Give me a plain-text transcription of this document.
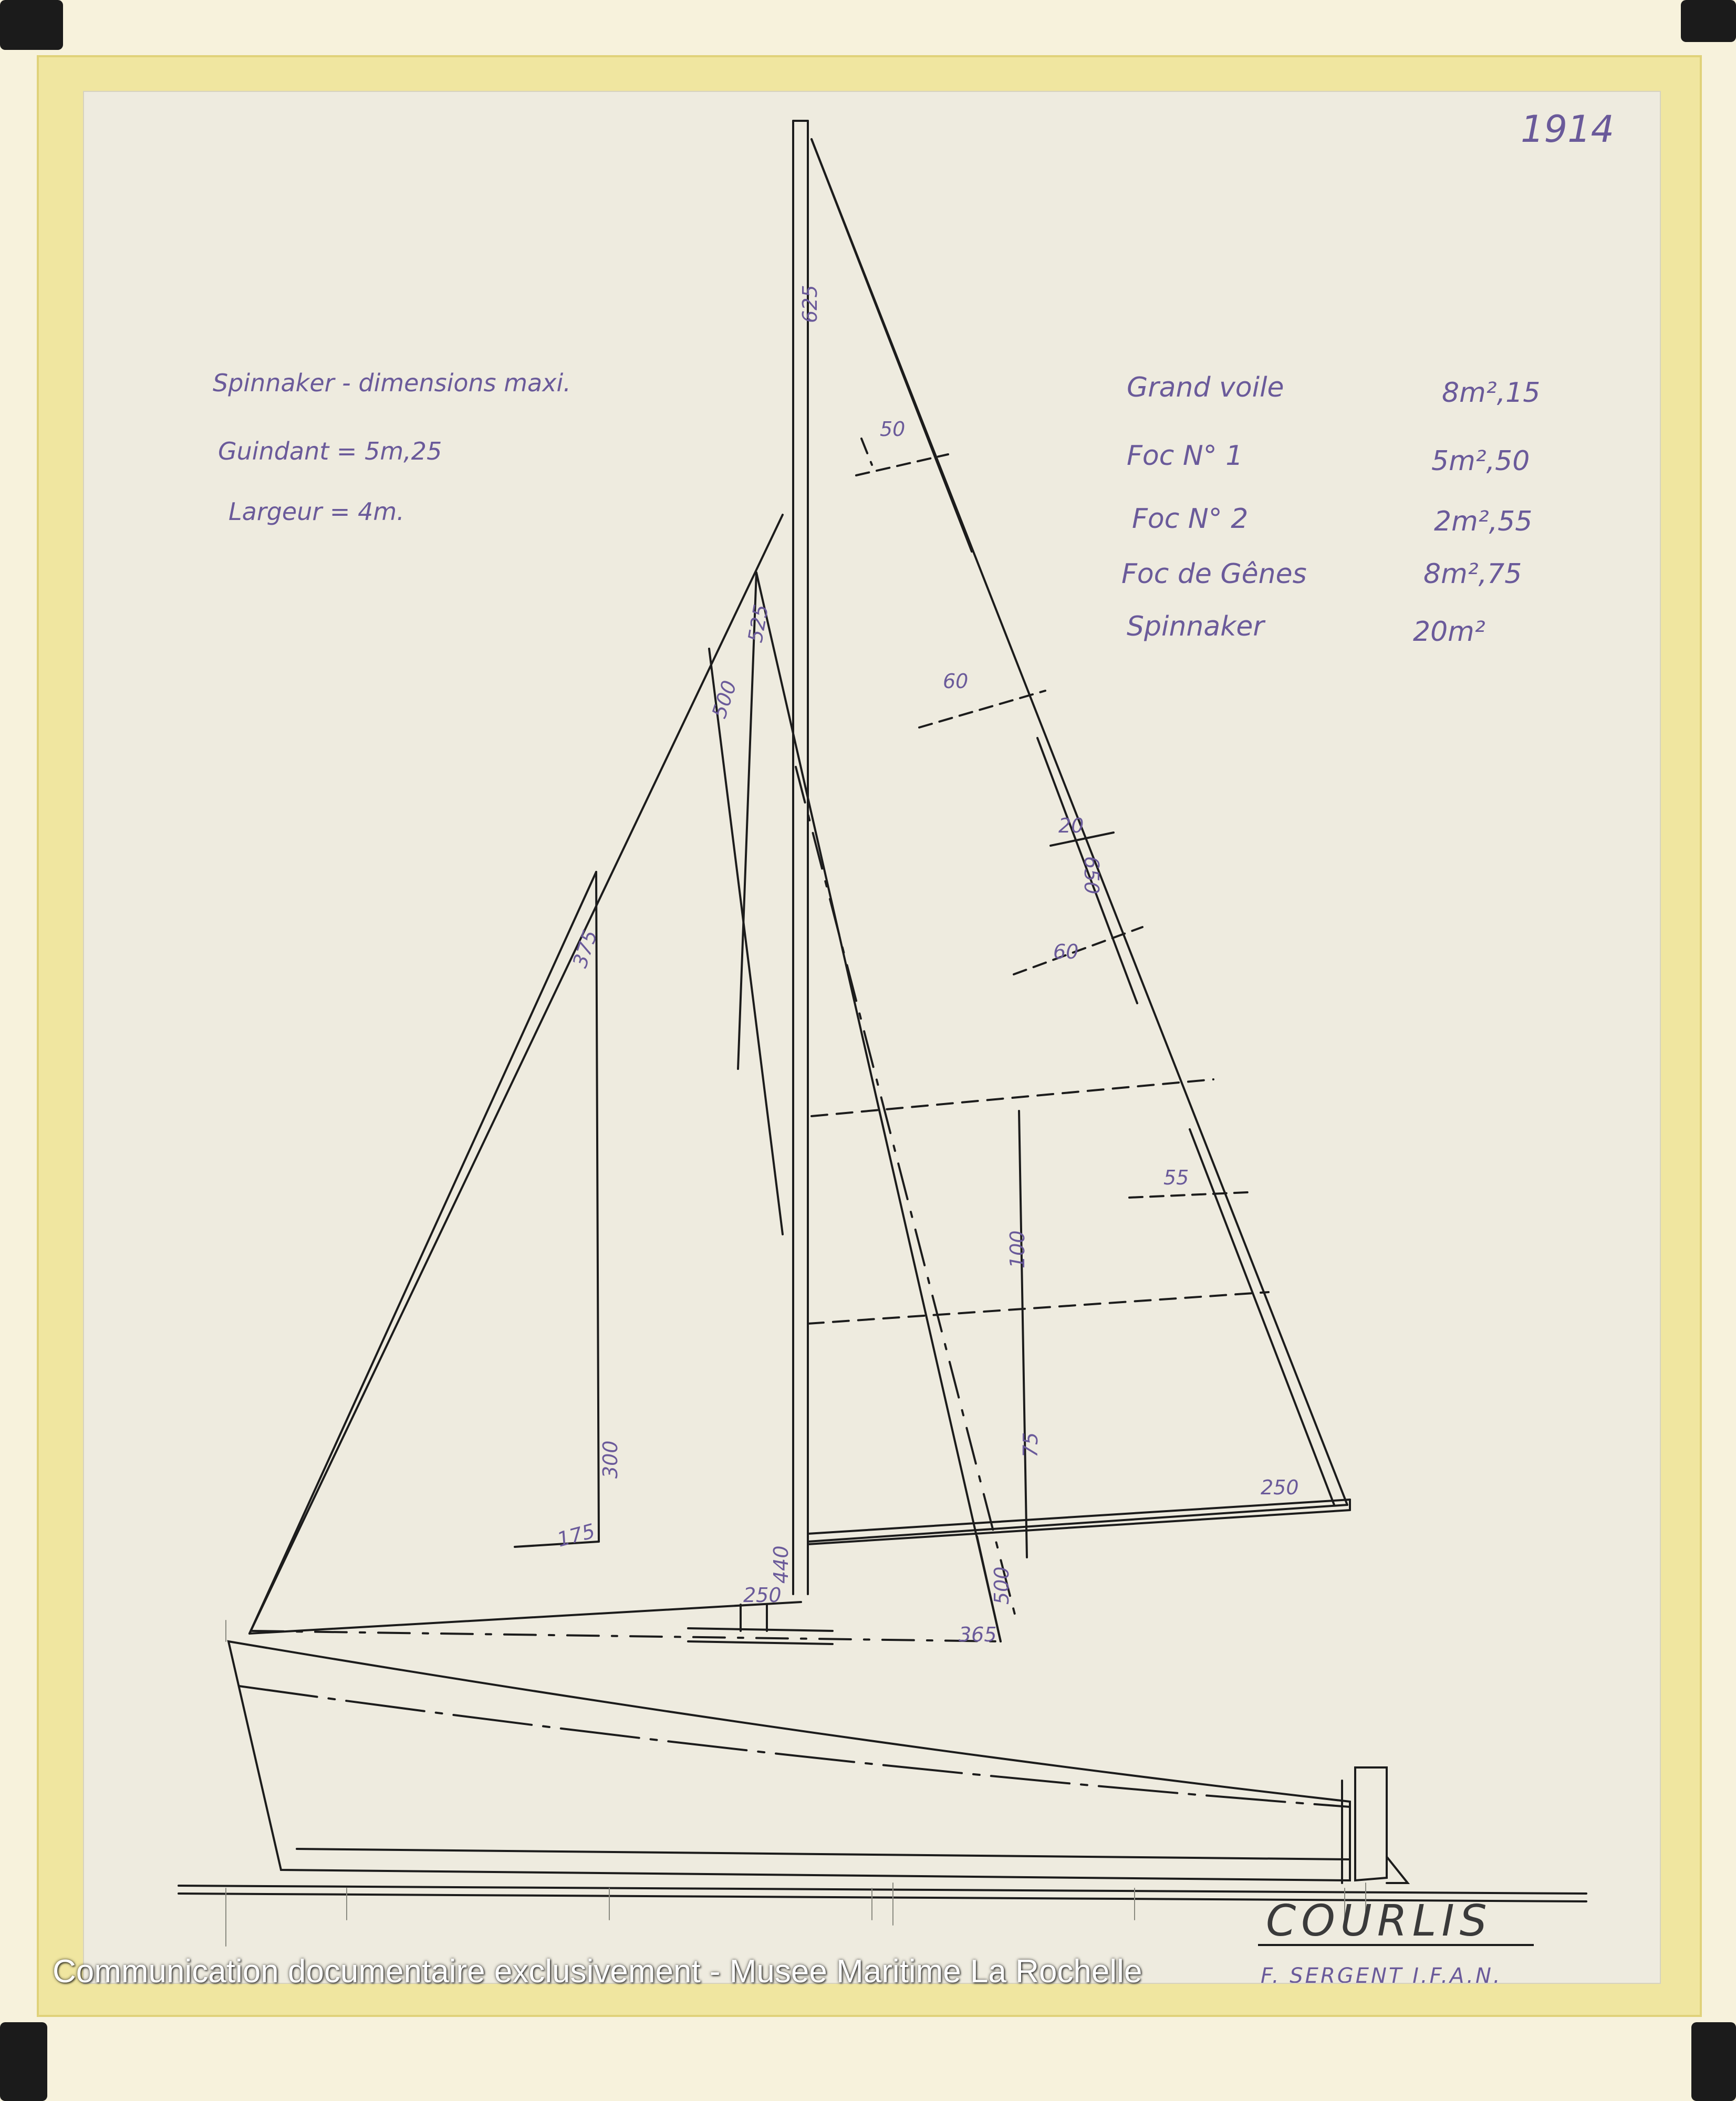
1914
Spinnaker - dimensions maxi.
Guindant = 5m,25
Largeur = 4m.
Grand voile	8m²,15
Foc N° 1	5m²,50
Foc N° 2	2m²,55
Foc de Gênes	8m²,75
Spinnaker	20m²
625
50
60
20
650
60
55
100
75
250
525
500
375
300
175
440
250	500
365
COURLIS
F. SERGENT I.F.A.N.
Communication documentaire exclusivement - Musee Maritime La Rochelle
